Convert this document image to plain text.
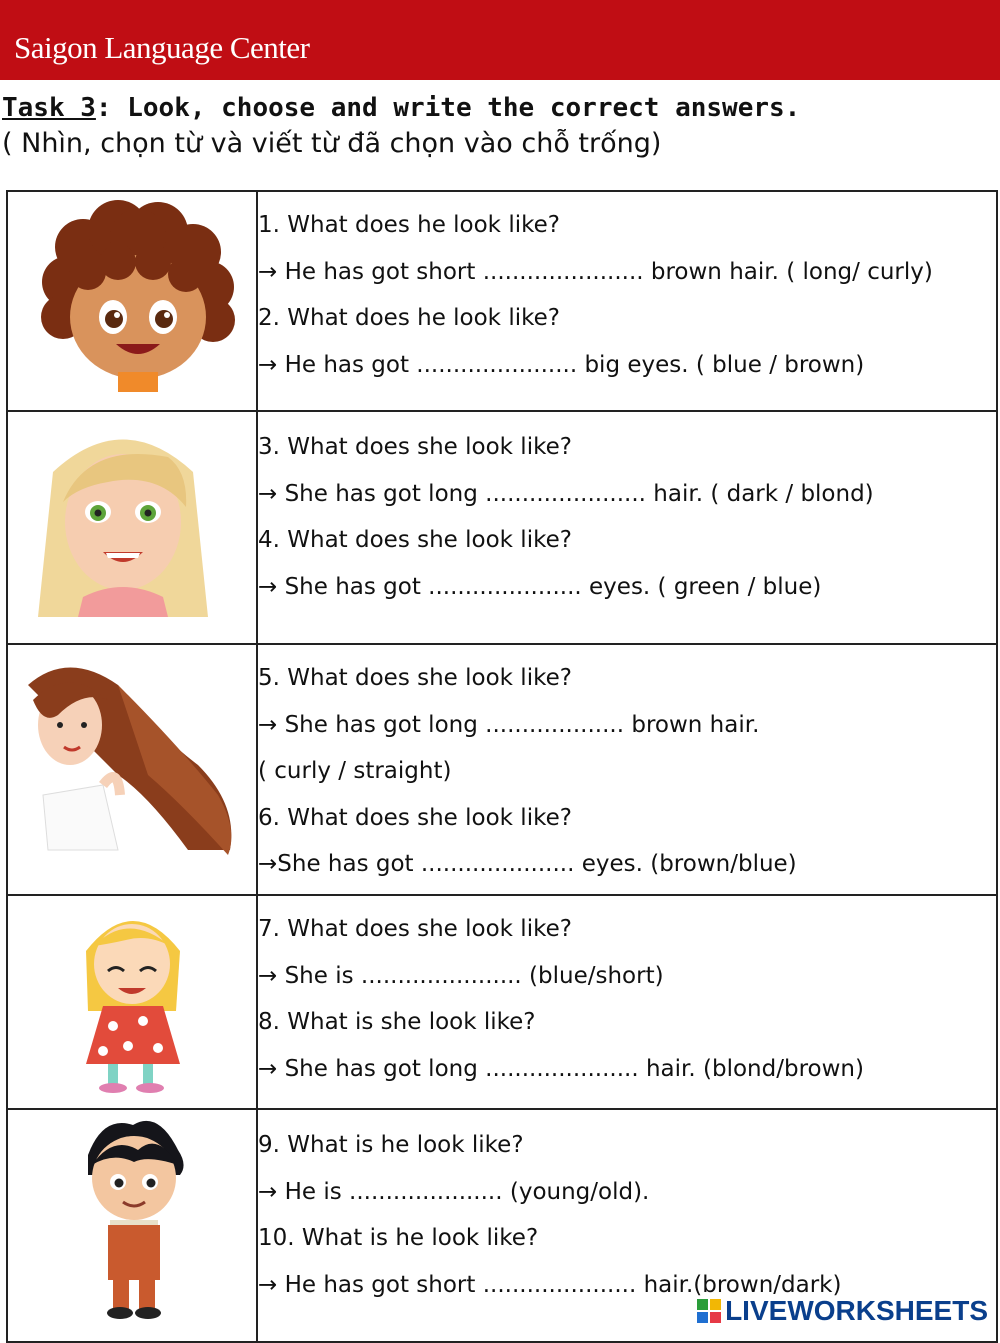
Saigon Language Center
Task 3: Look, choose and write the correct answers.
( Nhìn, chọn từ và viết từ đã chọn vào chỗ trống)

1. What does he look like?
→ He has got short ...................... brown hair. ( long/ curly)
2. What does he look like?
→ He has got ...................... big eyes. ( blue / brown)

3. What does she look like?
→ She has got long ...................... hair. ( dark / blond)
4. What does she look like?
→ She has got ..................... eyes. ( green / blue)

5. What does she look like?
→ She has got long ................... brown hair.
( curly / straight)
6. What does she look like?
→She has got ..................... eyes. (brown/blue)

7. What does she look like?
→ She is ...................... (blue/short)
8. What is she look like?
→ She has got long ..................... hair. (blond/brown)

9. What is he look like?
→ He is ..................... (young/old).
10. What is he look like?
→ He has got short ..................... hair.(brown/dark)
LIVEWORKSHEETS
